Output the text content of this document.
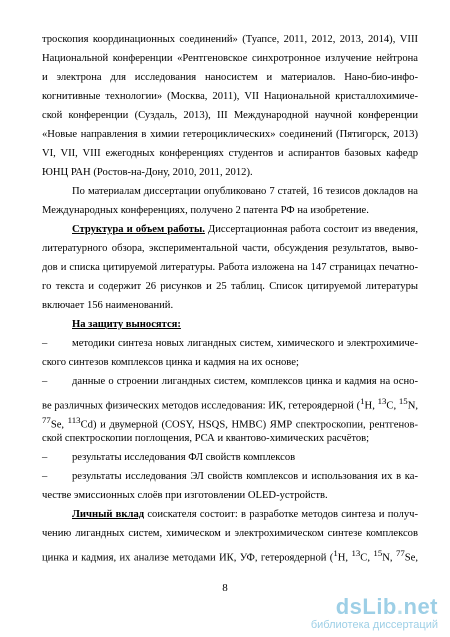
троскопия координационных соединений» (Туапсе, 2011, 2012, 2013, 2014), VIII
Национальной конференции «Рентгеновское синхротронное излучение нейтрона
и электрона для исследования наносистем и материалов. Нано-био-инфо-
когнитивные технологии» (Москва, 2011), VII Национальной кристаллохимиче-
ской конференции (Суздаль, 2013), III Международной научной конференции
«Новые направления в химии гетероциклических» соединений (Пятигорск, 2013)
VI, VII, VIII ежегодных конференциях студентов и аспирантов базовых кафедр
ЮНЦ РАН (Ростов-на-Дону, 2010, 2011, 2012).
По материалам диссертации опубликовано 7 статей, 16 тезисов докладов на
Международных конференциях, получено 2 патента РФ на изобретение.
Структура и объем работы. Диссертационная работа состоит из введения,
литературного обзора, экспериментальной части, обсуждения результатов, выво-
дов и списка цитируемой литературы. Работа изложена на 147 страницах печатно-
го текста и содержит 26 рисунков и 25 таблиц. Список цитируемой литературы
включает 156 наименований.
На защиту выносятся:
–	методики синтеза новых лигандных систем, химического и электрохимиче-
ского синтезов комплексов цинка и кадмия на их основе;
–	данные о строении лигандных систем, комплексов цинка и кадмия на осно-
ве различных физических методов исследования: ИК, гетероядерной ($^1$H, $^{13}$C, $^{15}$N,
$^{77}$Se, $^{113}$Cd) и двумерной (COSY, HSQS, HMBC) ЯМР спектроскопии, рентгенов-
ской спектроскопии поглощения, РСА и квантово-химических расчётов;
–	результаты исследования ФЛ свойств комплексов
–	результаты исследования ЭЛ свойств комплексов и использования их в ка-
честве эмиссионных слоёв при изготовлении OLED-устройств.
Личный вклад соискателя состоит: в разработке методов синтеза и получ-
чению лигандных систем, химическом и электрохимическом синтезе комплексов
цинка и кадмия, их анализе методами ИК, УФ, гетероядерной ($^1$H, $^{13}$C, $^{15}$N, $^{77}$Se,
8
dsLib.net
библиотека диссертаций
